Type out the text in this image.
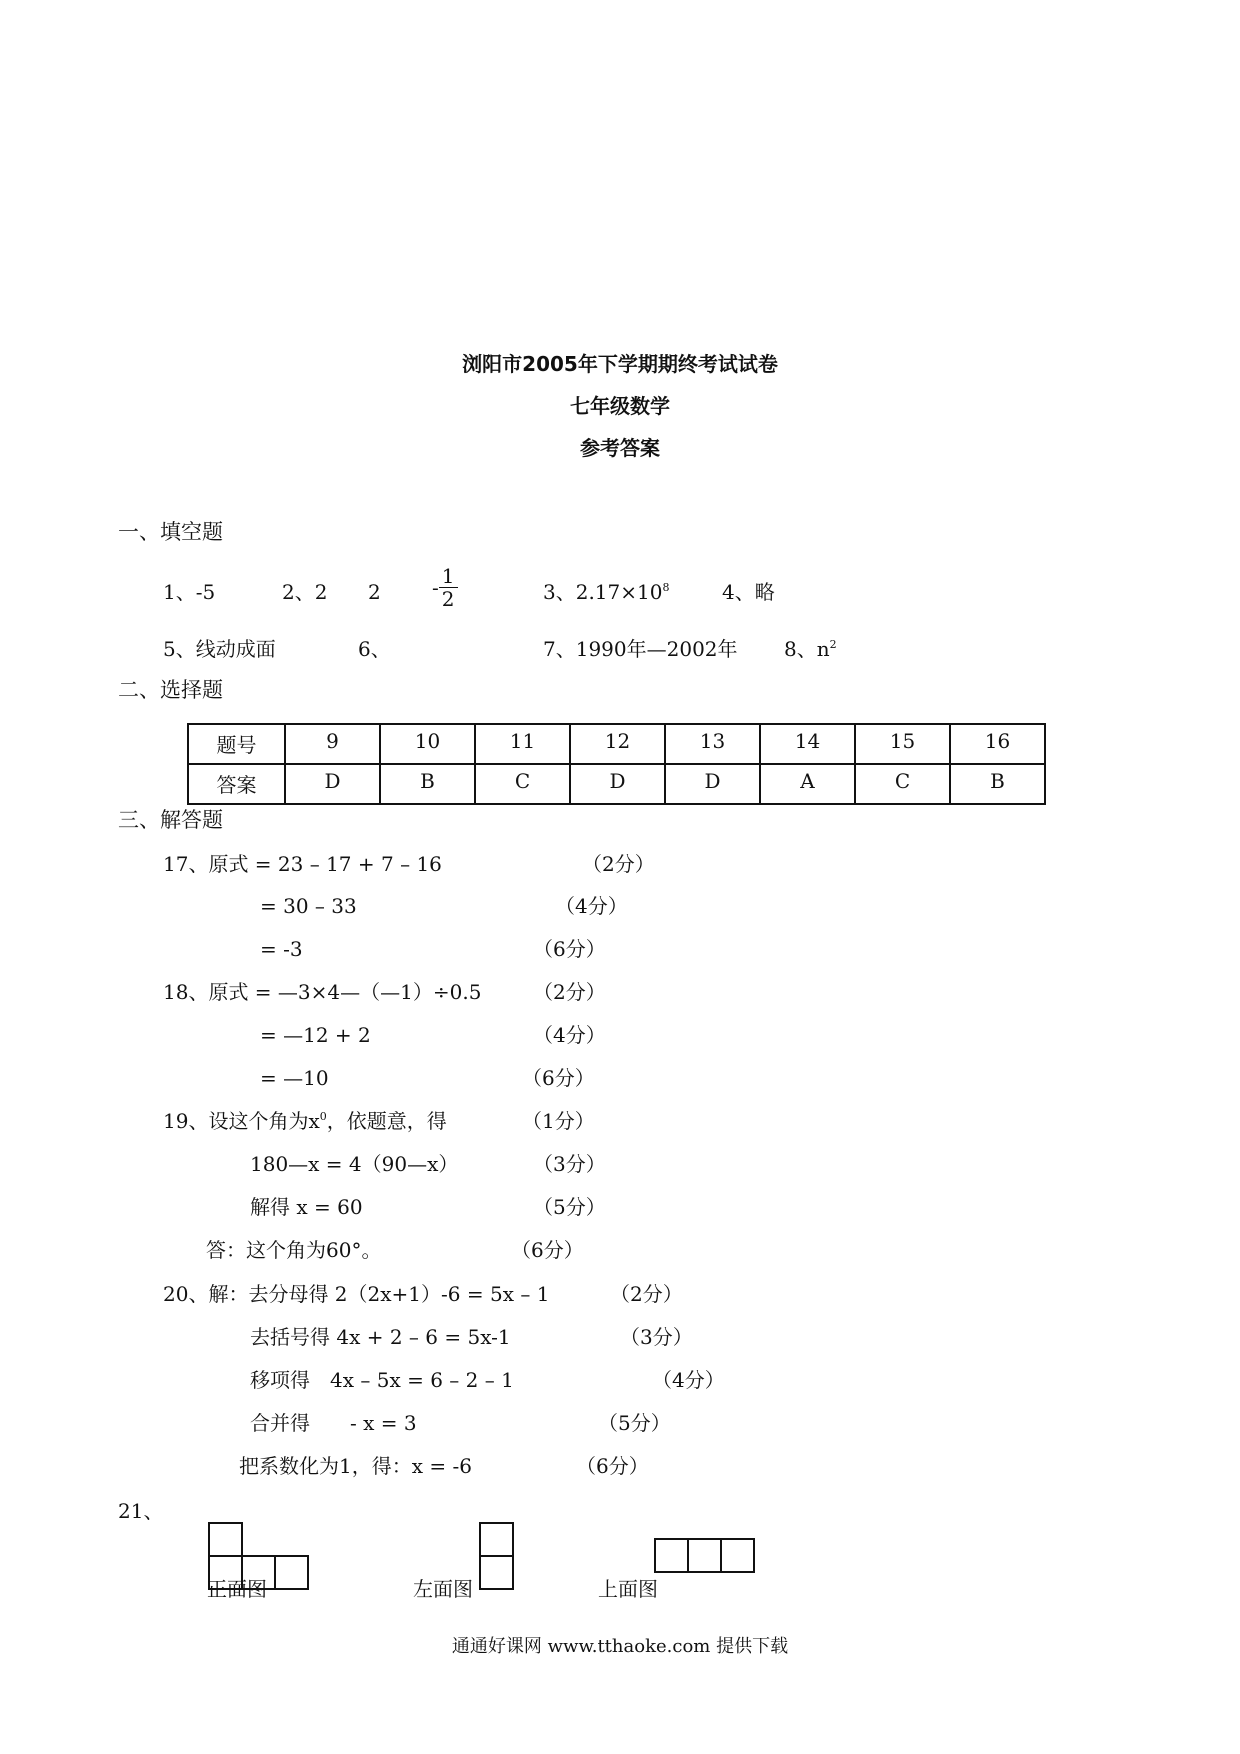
浏阳市2005年下学期期终考试试卷
七年级数学
参考答案
一、填空题
1、-5	2、2 2	- $\frac{1}{2}$	3、$2.17\times 10^8$	4、略
5、线动成面	6、	7、1990年—2002年 8、$n^2$
二、选择题
题号	9	10	11	12	13	14	15	16
答案	D	B	C	D	D	A	C	B
三、解答题
17、原式 = 23 – 17 + 7 – 16	（2分）
= 30 – 33	（4分）
= -3	（6分）
18、原式 = —3×4—（—1）÷0.5	（2分）
= —12 + 2	（4分）
= —10	（6分）
19、设这个角为$x^0$，依题意，得	（1分）
180—x = 4（90—x）	（3分）
解得 x = 60	（5分）
答：这个角为60°。	（6分）
20、解：去分母得 2（2x+1）-6 = 5x – 1	（2分）
去括号得 4x + 2 – 6 = 5x-1	（3分）
移项得　4x – 5x = 6 – 2 – 1	（4分）
合并得　　- x = 3	（5分）
把系数化为1，得：x = -6	（6分）
21、
正面图	左面图	上面图
通通好课网 www.tthaoke.com 提供下载
